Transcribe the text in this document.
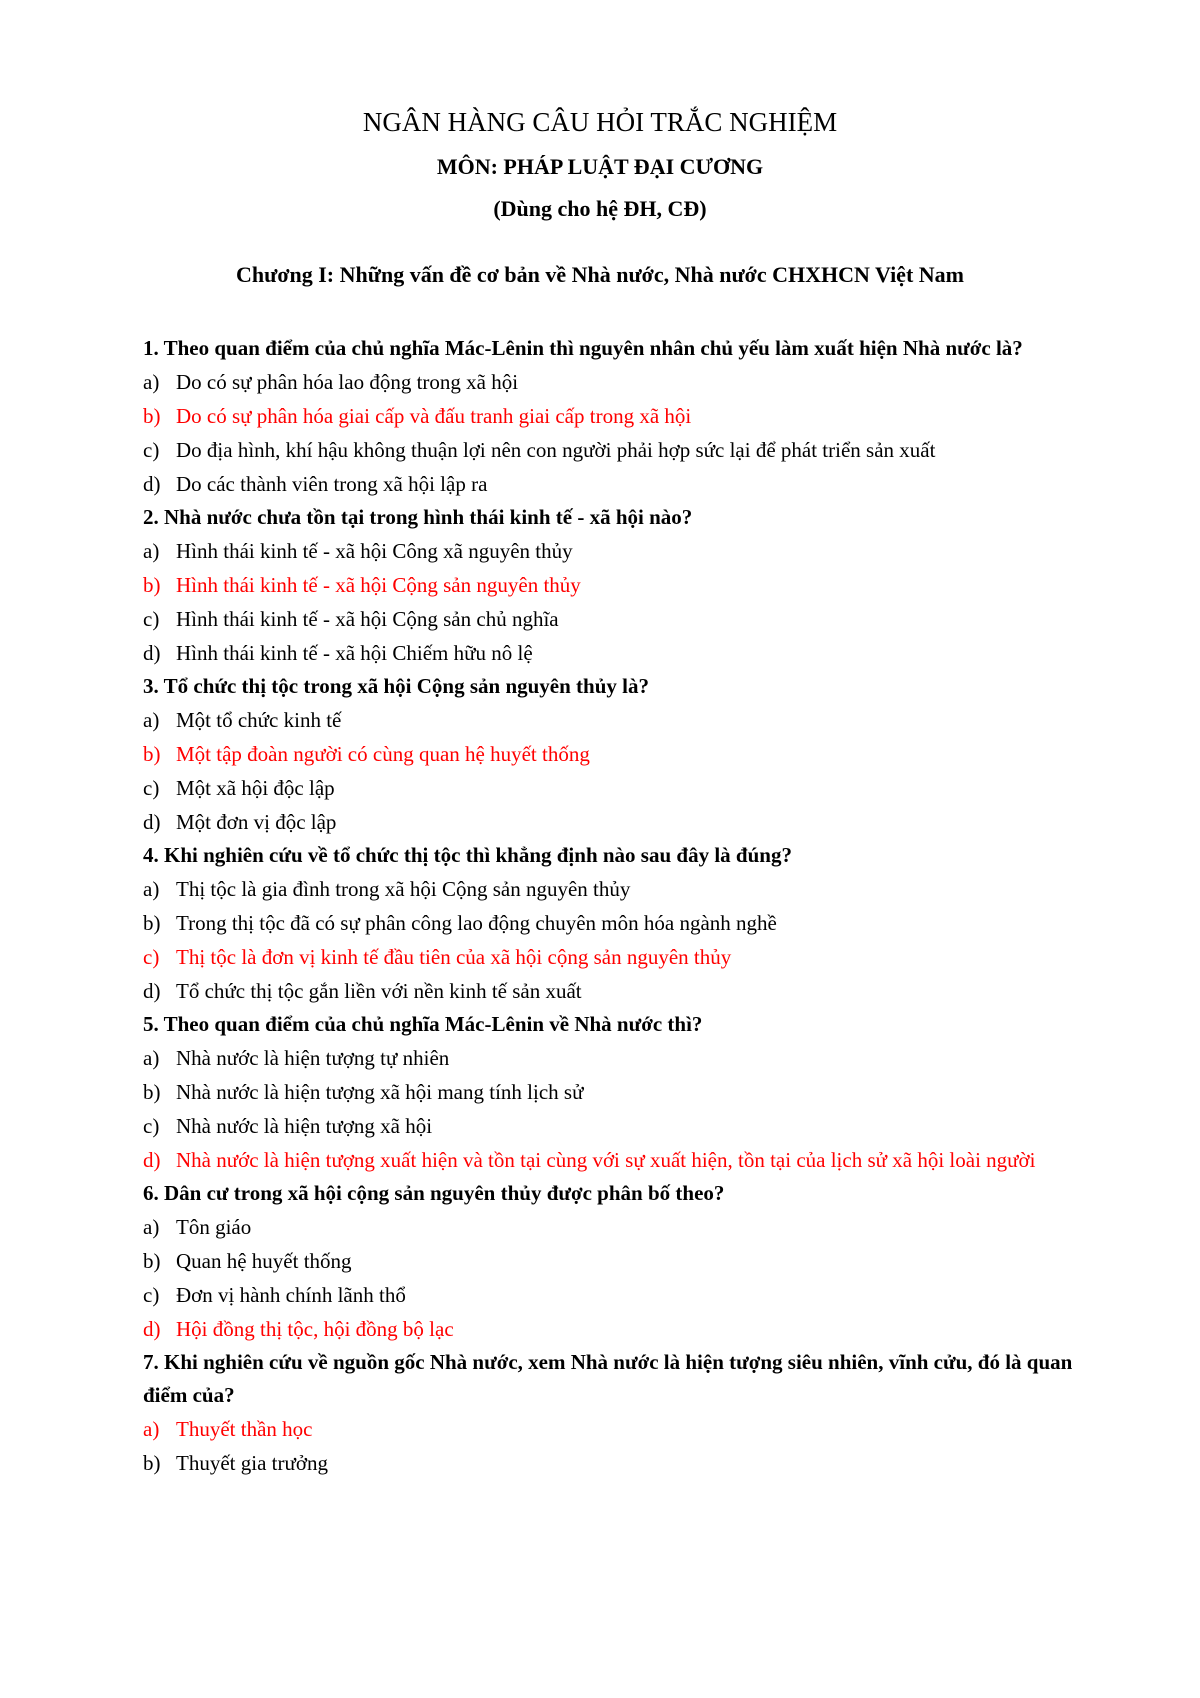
NGÂN HÀNG CÂU HỎI TRẮC NGHIỆM
MÔN: PHÁP LUẬT ĐẠI CƯƠNG
(Dùng cho hệ ĐH, CĐ)
Chương I: Những vấn đề cơ bản về Nhà nước, Nhà nước CHXHCN Việt Nam
1. Theo quan điểm của chủ nghĩa Mác-Lênin thì nguyên nhân chủ yếu làm xuất hiện Nhà nước là?
a) Do có sự phân hóa lao động trong xã hội
b) Do có sự phân hóa giai cấp và đấu tranh giai cấp trong xã hội
c) Do địa hình, khí hậu không thuận lợi nên con người phải hợp sức lại để phát triển sản xuất
d) Do các thành viên trong xã hội lập ra
2. Nhà nước chưa tồn tại trong hình thái kinh tế - xã hội nào?
a) Hình thái kinh tế - xã hội Công xã nguyên thủy
b) Hình thái kinh tế - xã hội Cộng sản nguyên thủy
c) Hình thái kinh tế - xã hội Cộng sản chủ nghĩa
d) Hình thái kinh tế - xã hội Chiếm hữu nô lệ
3. Tổ chức thị tộc trong xã hội Cộng sản nguyên thủy là?
a) Một tổ chức kinh tế
b) Một tập đoàn người có cùng quan hệ huyết thống
c) Một xã hội độc lập
d) Một đơn vị độc lập
4. Khi nghiên cứu về tổ chức thị tộc thì khẳng định nào sau đây là đúng?
a) Thị tộc là gia đình trong xã hội Cộng sản nguyên thủy
b) Trong thị tộc đã có sự phân công lao động chuyên môn hóa ngành nghề
c) Thị tộc là đơn vị kinh tế đầu tiên của xã hội cộng sản nguyên thủy
d) Tổ chức thị tộc gắn liền với nền kinh tế sản xuất
5. Theo quan điểm của chủ nghĩa Mác-Lênin về Nhà nước thì?
a) Nhà nước là hiện tượng tự nhiên
b) Nhà nước là hiện tượng xã hội mang tính lịch sử
c) Nhà nước là hiện tượng xã hội
d) Nhà nước là hiện tượng xuất hiện và tồn tại cùng với sự xuất hiện, tồn tại của lịch sử xã hội loài người
6. Dân cư trong xã hội cộng sản nguyên thủy được phân bố theo?
a) Tôn giáo
b) Quan hệ huyết thống
c) Đơn vị hành chính lãnh thổ
d) Hội đồng thị tộc, hội đồng bộ lạc
7. Khi nghiên cứu về nguồn gốc Nhà nước, xem Nhà nước là hiện tượng siêu nhiên, vĩnh cửu, đó là quan điểm của?
a) Thuyết thần học
b) Thuyết gia trưởng
